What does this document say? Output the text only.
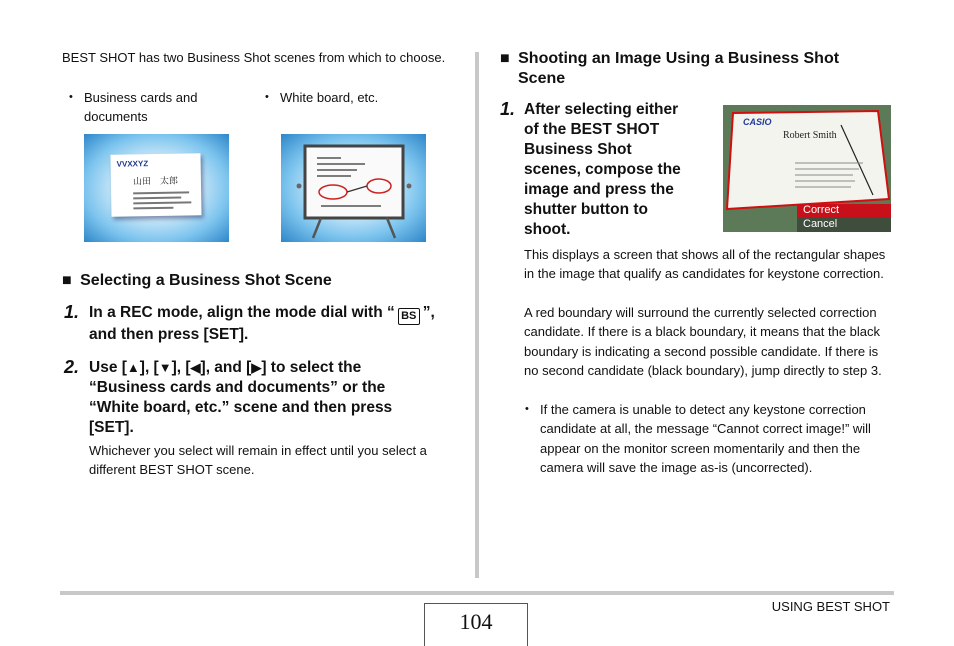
BEST SHOT has two Business Shot scenes from which to choose.
• Business cards and documents
• White board, etc.
VVXXYZ
山田　太郎
■ Selecting a Business Shot Scene
1. In a REC mode, align the mode dial with “ BS ”,
and then press [SET].
2. Use [▲], [▼], [◀], and [▶] to select the
“Business cards and documents” or the
“White board, etc.” scene and then press
[SET].
Whichever you select will remain in effect until you select a different BEST SHOT scene.
■ Shooting an Image Using a Business Shot
Scene
1. After selecting either
of the BEST SHOT
Business Shot
scenes, compose the
image and press the
shutter button to
shoot.
CASIO
Robert Smith
Correct
Cancel
This displays a screen that shows all of the rectangular shapes in the image that qualify as candidates for keystone correction.
A red boundary will surround the currently selected correction candidate. If there is a black boundary, it means that the black boundary is indicating a second possible candidate. If there is no second candidate (black boundary), jump directly to step 3.
• If the camera is unable to detect any keystone correction candidate at all, the message “Cannot correct image!” will appear on the monitor screen momentarily and then the camera will save the image as-is (uncorrected).
104
USING BEST SHOT
